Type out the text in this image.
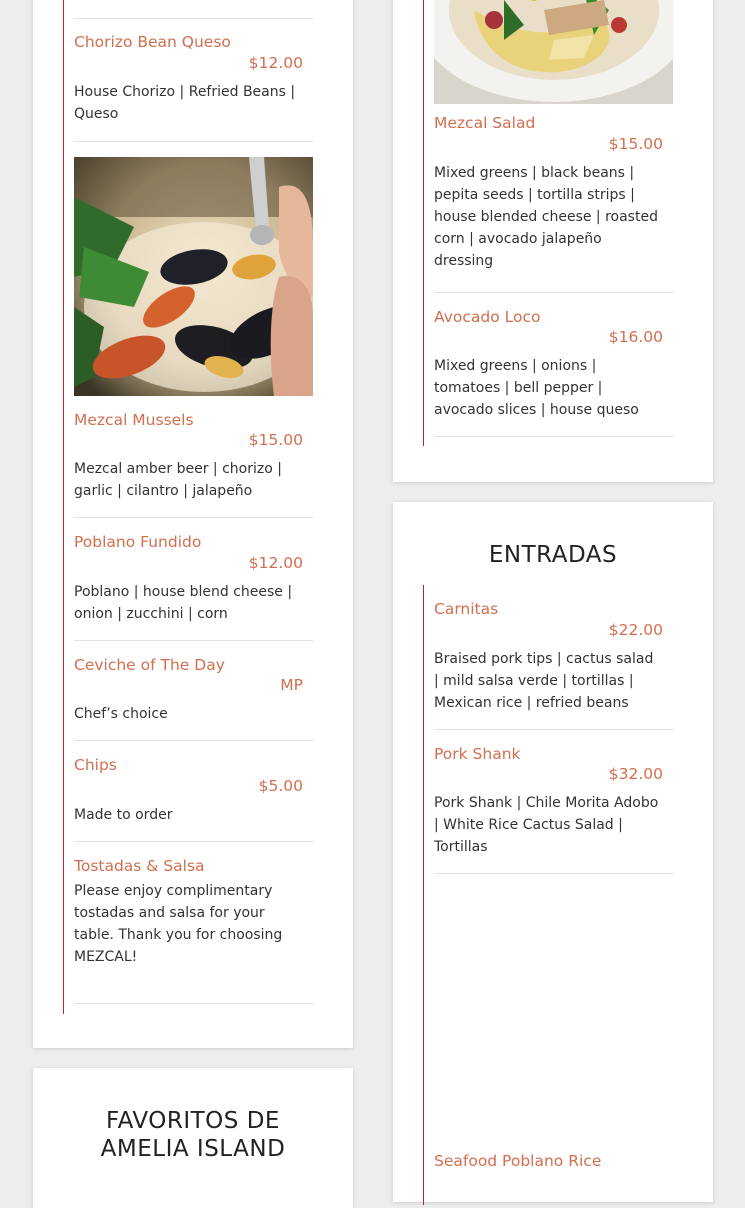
Chorizo Bean Queso
$12.00
House Chorizo | Refried Beans | Queso
Mezcal Mussels
$15.00
Mezcal amber beer | chorizo | garlic | cilantro | jalapeño
Poblano Fundido
$12.00
Poblano | house blend cheese | onion | zucchini | corn
Ceviche of The Day
MP
Chef’s choice
Chips
$5.00
Made to order
Tostadas & Salsa
Please enjoy complimentary tostadas and salsa for your table. Thank you for choosing MEZCAL!
FAVORITOS DE
AMELIA ISLAND
Mezcal Salad
$15.00
Mixed greens | black beans | pepita seeds | tortilla strips | house blended cheese | roasted corn | avocado jalapeño dressing
Avocado Loco
$16.00
Mixed greens | onions | tomatoes | bell pepper | avocado slices | house queso
ENTRADAS
Carnitas
$22.00
Braised pork tips | cactus salad | mild salsa verde | tortillas | Mexican rice | refried beans
Pork Shank
$32.00
Pork Shank | Chile Morita Adobo | White Rice Cactus Salad | Tortillas
Seafood Poblano Rice
